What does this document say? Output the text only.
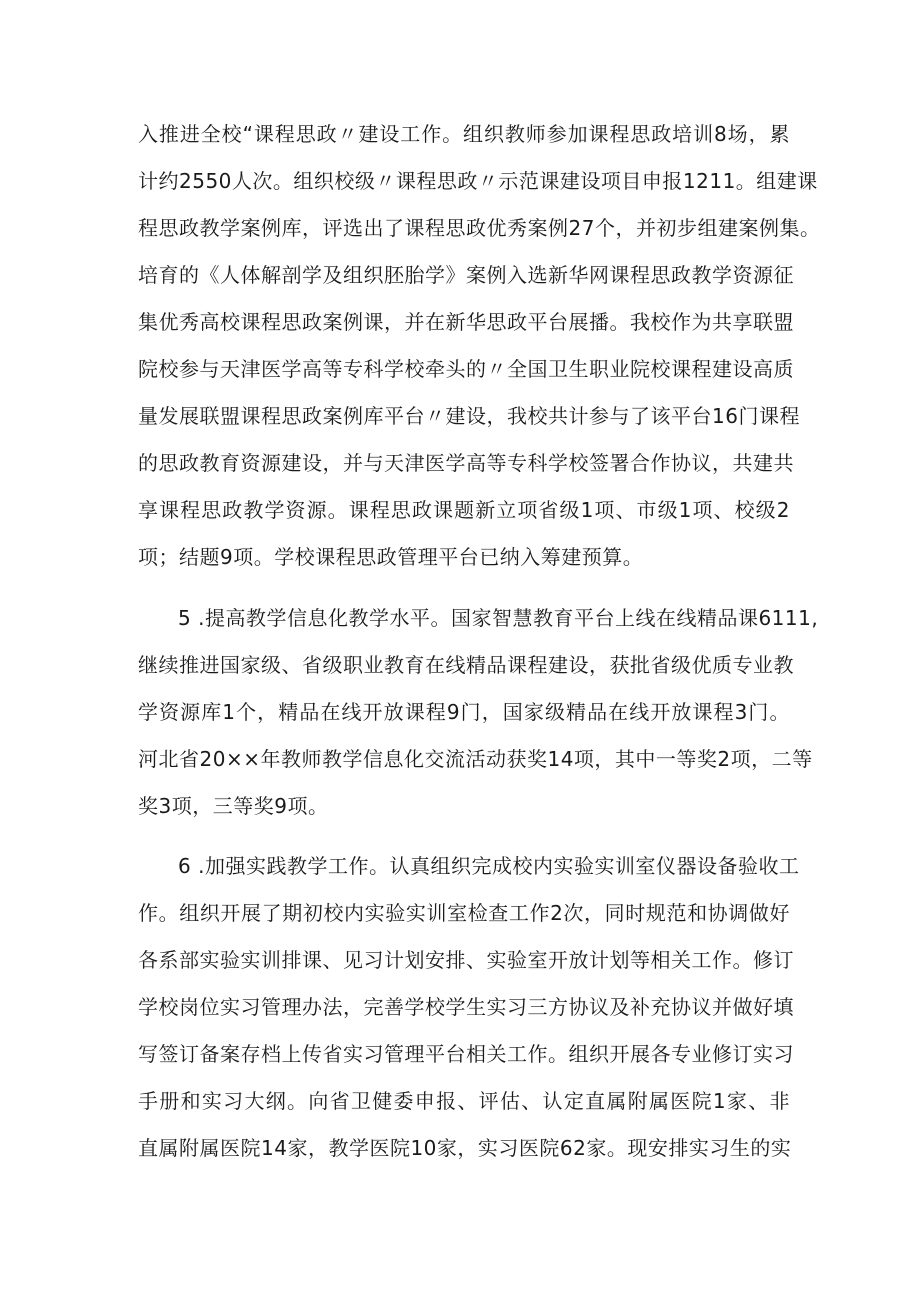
入推进全校“课程思政〃建设工作。组织教师参加课程思政培训8场，累
计约2550人次。组织校级〃课程思政〃示范课建设项目申报1211。组建课
程思政教学案例库，评选出了课程思政优秀案例27个，并初步组建案例集。
培育的《人体解剖学及组织胚胎学》案例入选新华网课程思政教学资源征
集优秀高校课程思政案例课，并在新华思政平台展播。我校作为共享联盟
院校参与天津医学高等专科学校牵头的〃全国卫生职业院校课程建设高质
量发展联盟课程思政案例库平台〃建设，我校共计参与了该平台16门课程
的思政教育资源建设，并与天津医学高等专科学校签署合作协议，共建共
享课程思政教学资源。课程思政课题新立项省级1项、市级1项、校级2
项；结题9项。学校课程思政管理平台已纳入筹建预算。
5 .提高教学信息化教学水平。国家智慧教育平台上线在线精品课6111,
继续推进国家级、省级职业教育在线精品课程建设，获批省级优质专业教
学资源库1个，精品在线开放课程9门，国家级精品在线开放课程3门。
河北省20××年教师教学信息化交流活动获奖14项，其中一等奖2项，二等
奖3项，三等奖9项。
6 .加强实践教学工作。认真组织完成校内实验实训室仪器设备验收工
作。组织开展了期初校内实验实训室检查工作2次，同时规范和协调做好
各系部实验实训排课、见习计划安排、实验室开放计划等相关工作。修订
学校岗位实习管理办法，完善学校学生实习三方协议及补充协议并做好填
写签订备案存档上传省实习管理平台相关工作。组织开展各专业修订实习
手册和实习大纲。向省卫健委申报、评估、认定直属附属医院1家、非
直属附属医院14家，教学医院10家，实习医院62家。现安排实习生的实
